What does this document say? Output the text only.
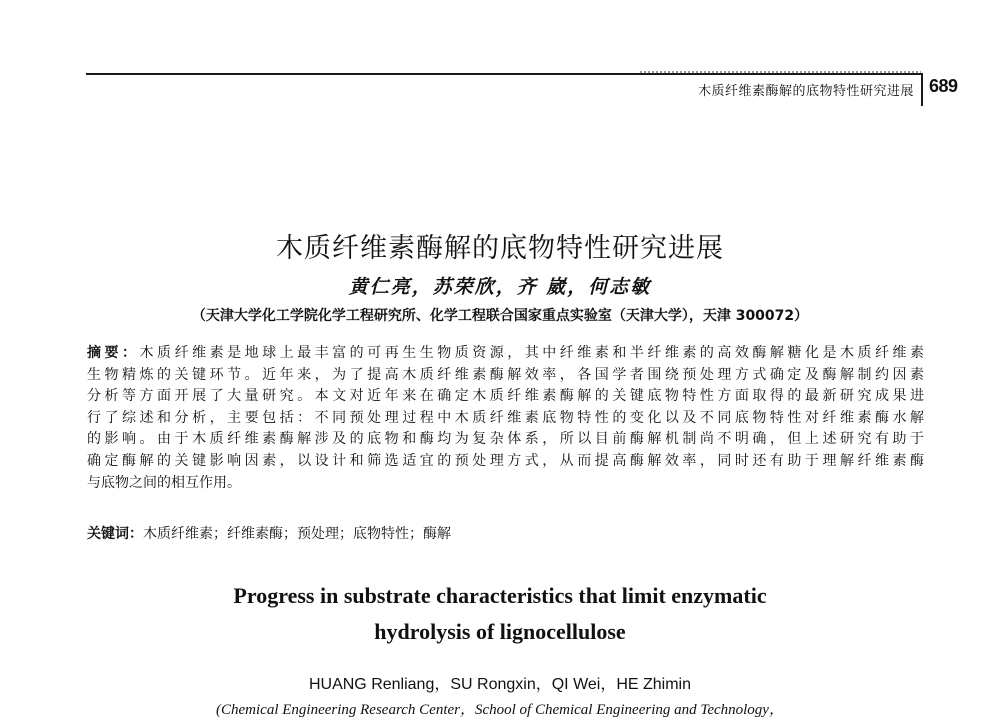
木质纤维素酶解的底物特性研究进展 689
木质纤维素酶解的底物特性研究进展
黄仁亮，苏荣欣，齐 崴，何志敏
（天津大学化工学院化学工程研究所、化学工程联合国家重点实验室（天津大学），天津 300072）
摘要：木质纤维素是地球上最丰富的可再生生物质资源，其中纤维素和半纤维素的高效酶解糖化是木质纤维素
生物精炼的关键环节。近年来，为了提高木质纤维素酶解效率，各国学者围绕预处理方式确定及酶解制约因素
分析等方面开展了大量研究。本文对近年来在确定木质纤维素酶解的关键底物特性方面取得的最新研究成果进
行了综述和分析，主要包括：不同预处理过程中木质纤维素底物特性的变化以及不同底物特性对纤维素酶水解
的影响。由于木质纤维素酶解涉及的底物和酶均为复杂体系，所以目前酶解机制尚不明确，但上述研究有助于
确定酶解的关键影响因素，以设计和筛选适宜的预处理方式，从而提高酶解效率，同时还有助于理解纤维素酶
与底物之间的相互作用。
关键词：木质纤维素；纤维素酶；预处理；底物特性；酶解
Progress in substrate characteristics that limit enzymatic
hydrolysis of lignocellulose
HUANG Renliang，SU Rongxin，QI Wei，HE Zhimin
(Chemical Engineering Research Center，School of Chemical Engineering and Technology，
